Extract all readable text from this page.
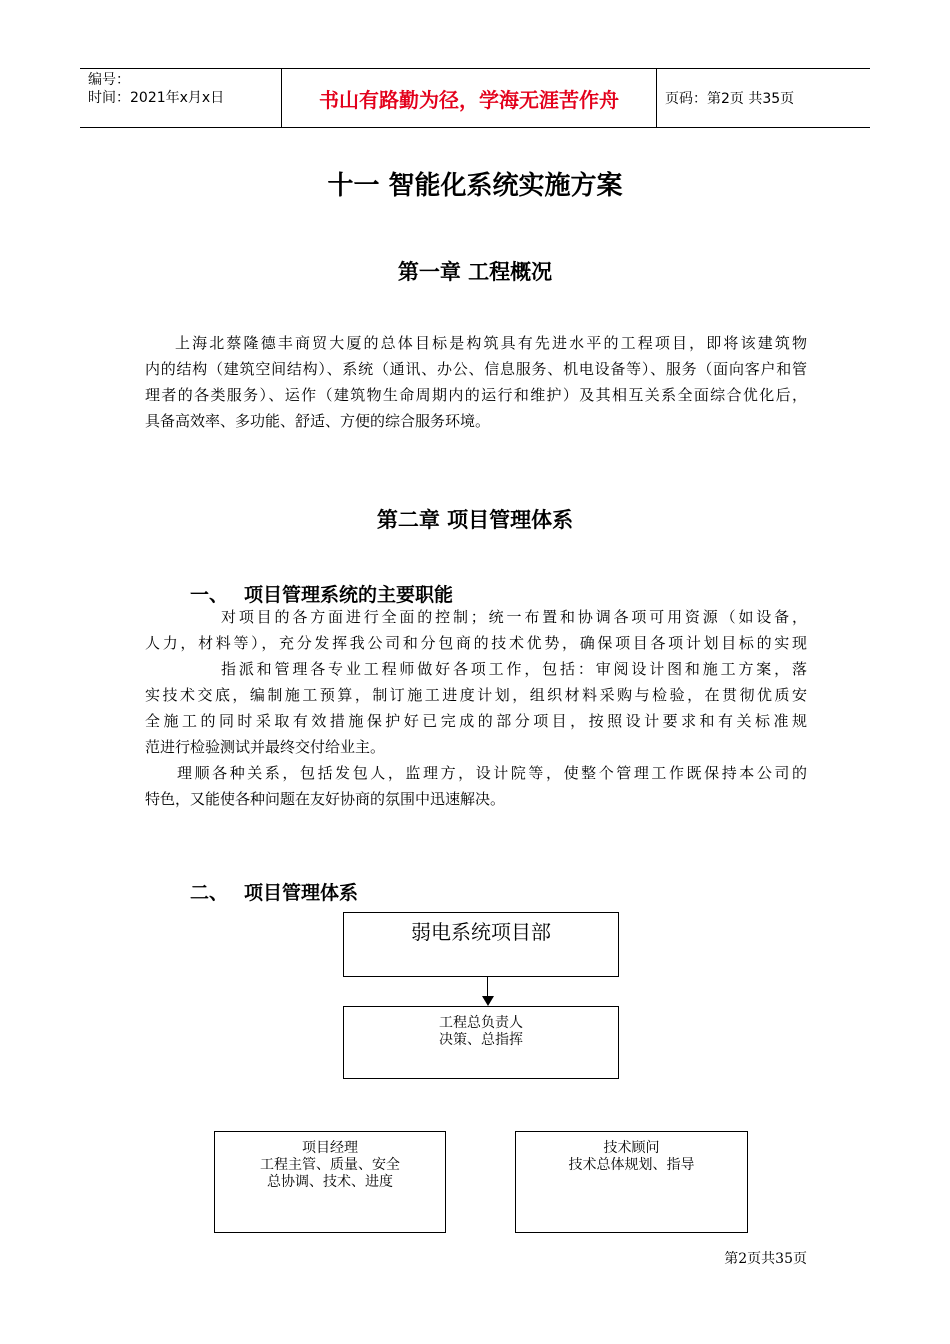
编号：
时间：2021年x月x日	书山有路勤为径，学海无涯苦作舟	页码：第2页 共35页
十一 智能化系统实施方案
第一章 工程概况
上海北蔡隆德丰商贸大厦的总体目标是构筑具有先进水平的工程项目，即将该建筑物
内的结构（建筑空间结构）、系统（通讯、办公、信息服务、机电设备等）、服务（面向客户和管
理者的各类服务）、运作（建筑物生命周期内的运行和维护）及其相互关系全面综合优化后，
具备高效率、多功能、舒适、方便的综合服务环境。
第二章 项目管理体系
一、 项目管理系统的主要职能
对项目的各方面进行全面的控制；统一布置和协调各项可用资源（如设备，
人力，材料等），充分发挥我公司和分包商的技术优势，确保项目各项计划目标的实现
指派和管理各专业工程师做好各项工作，包括：审阅设计图和施工方案，落
实技术交底，编制施工预算，制订施工进度计划，组织材料采购与检验，在贯彻优质安
全施工的同时采取有效措施保护好已完成的部分项目，按照设计要求和有关标准规
范进行检验测试并最终交付给业主。
理顺各种关系，包括发包人，监理方，设计院等，使整个管理工作既保持本公司的
特色，又能使各种问题在友好协商的氛围中迅速解决。
二、 项目管理体系
弱电系统项目部
工程总负责人
决策、总指挥
项目经理
工程主管、质量、安全
总协调、技术、进度
技术顾问
技术总体规划、指导
第2页共35页
